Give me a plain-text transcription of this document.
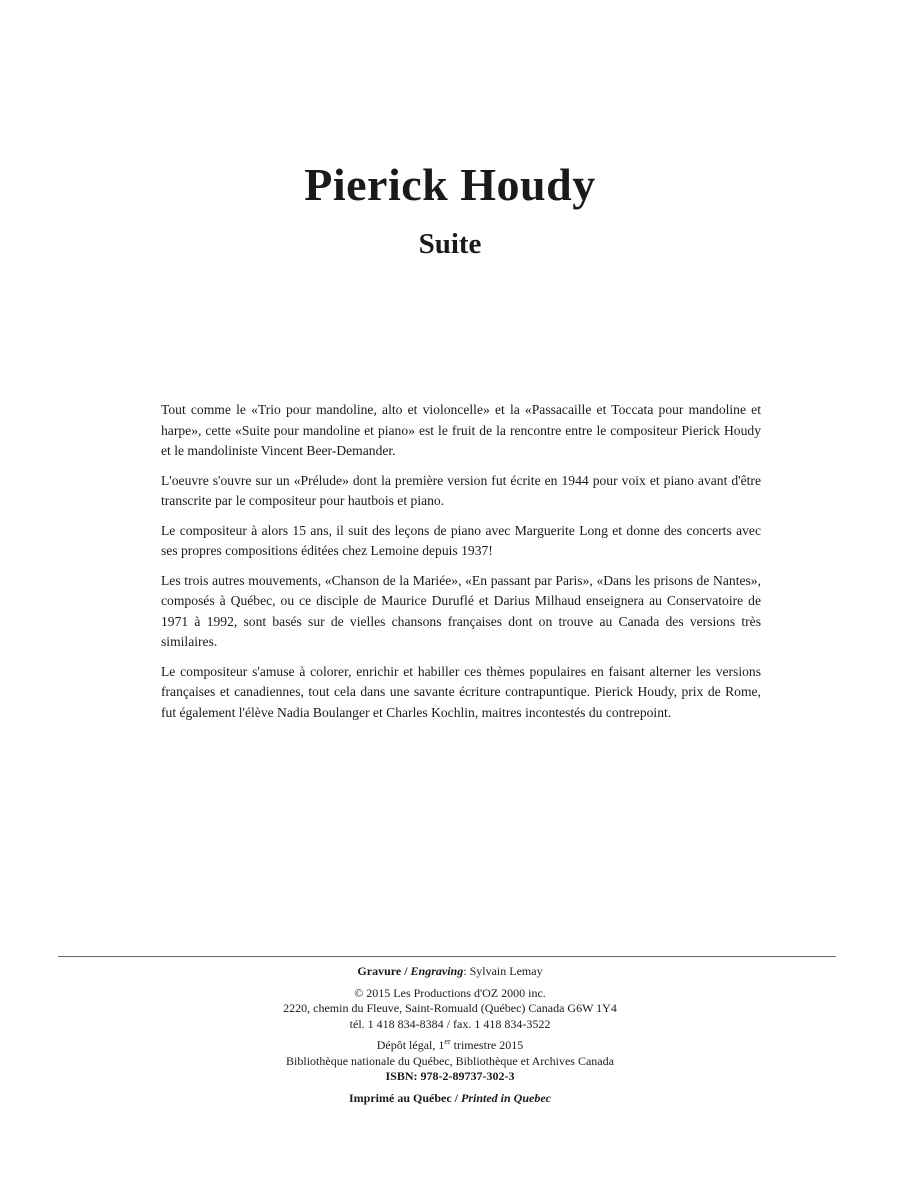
Pierick Houdy
Suite

Tout comme le «Trio pour mandoline, alto et violoncelle» et la «Passacaille et Toccata pour mandoline et harpe», cette «Suite pour mandoline et piano» est le fruit de la rencontre entre le compositeur Pierick Houdy et le mandoliniste Vincent Beer-Demander.

L'oeuvre s'ouvre sur un «Prélude» dont la première version fut écrite en 1944 pour voix et piano avant d'être transcrite par le compositeur pour hautbois et piano.

Le compositeur à alors 15 ans, il suit des leçons de piano avec Marguerite Long et donne des concerts avec ses propres compositions éditées chez Lemoine depuis 1937!

Les trois autres mouvements, «Chanson de la Mariée», «En passant par Paris», «Dans les prisons de Nantes», composés à Québec, ou ce disciple de Maurice Duruflé et Darius Milhaud enseignera au Conservatoire de 1971 à 1992, sont basés sur de vielles chansons françaises dont on trouve au Canada des versions très similaires.

Le compositeur s'amuse à colorer, enrichir et habiller ces thèmes populaires en faisant alterner les versions françaises et canadiennes, tout cela dans une savante écriture contrapuntique. Pierick Houdy, prix de Rome, fut également l'élève Nadia Boulanger et Charles Kochlin, maitres incontestés du contrepoint.

Gravure / Engraving: Sylvain Lemay
© 2015 Les Productions d'OZ 2000 inc.
2220, chemin du Fleuve, Saint-Romuald (Québec) Canada G6W 1Y4
tél. 1 418 834-8384 / fax. 1 418 834-3522
Dépôt légal, 1er trimestre 2015
Bibliothèque nationale du Québec, Bibliothèque et Archives Canada
ISBN: 978-2-89737-302-3
Imprimé au Québec / Printed in Quebec
